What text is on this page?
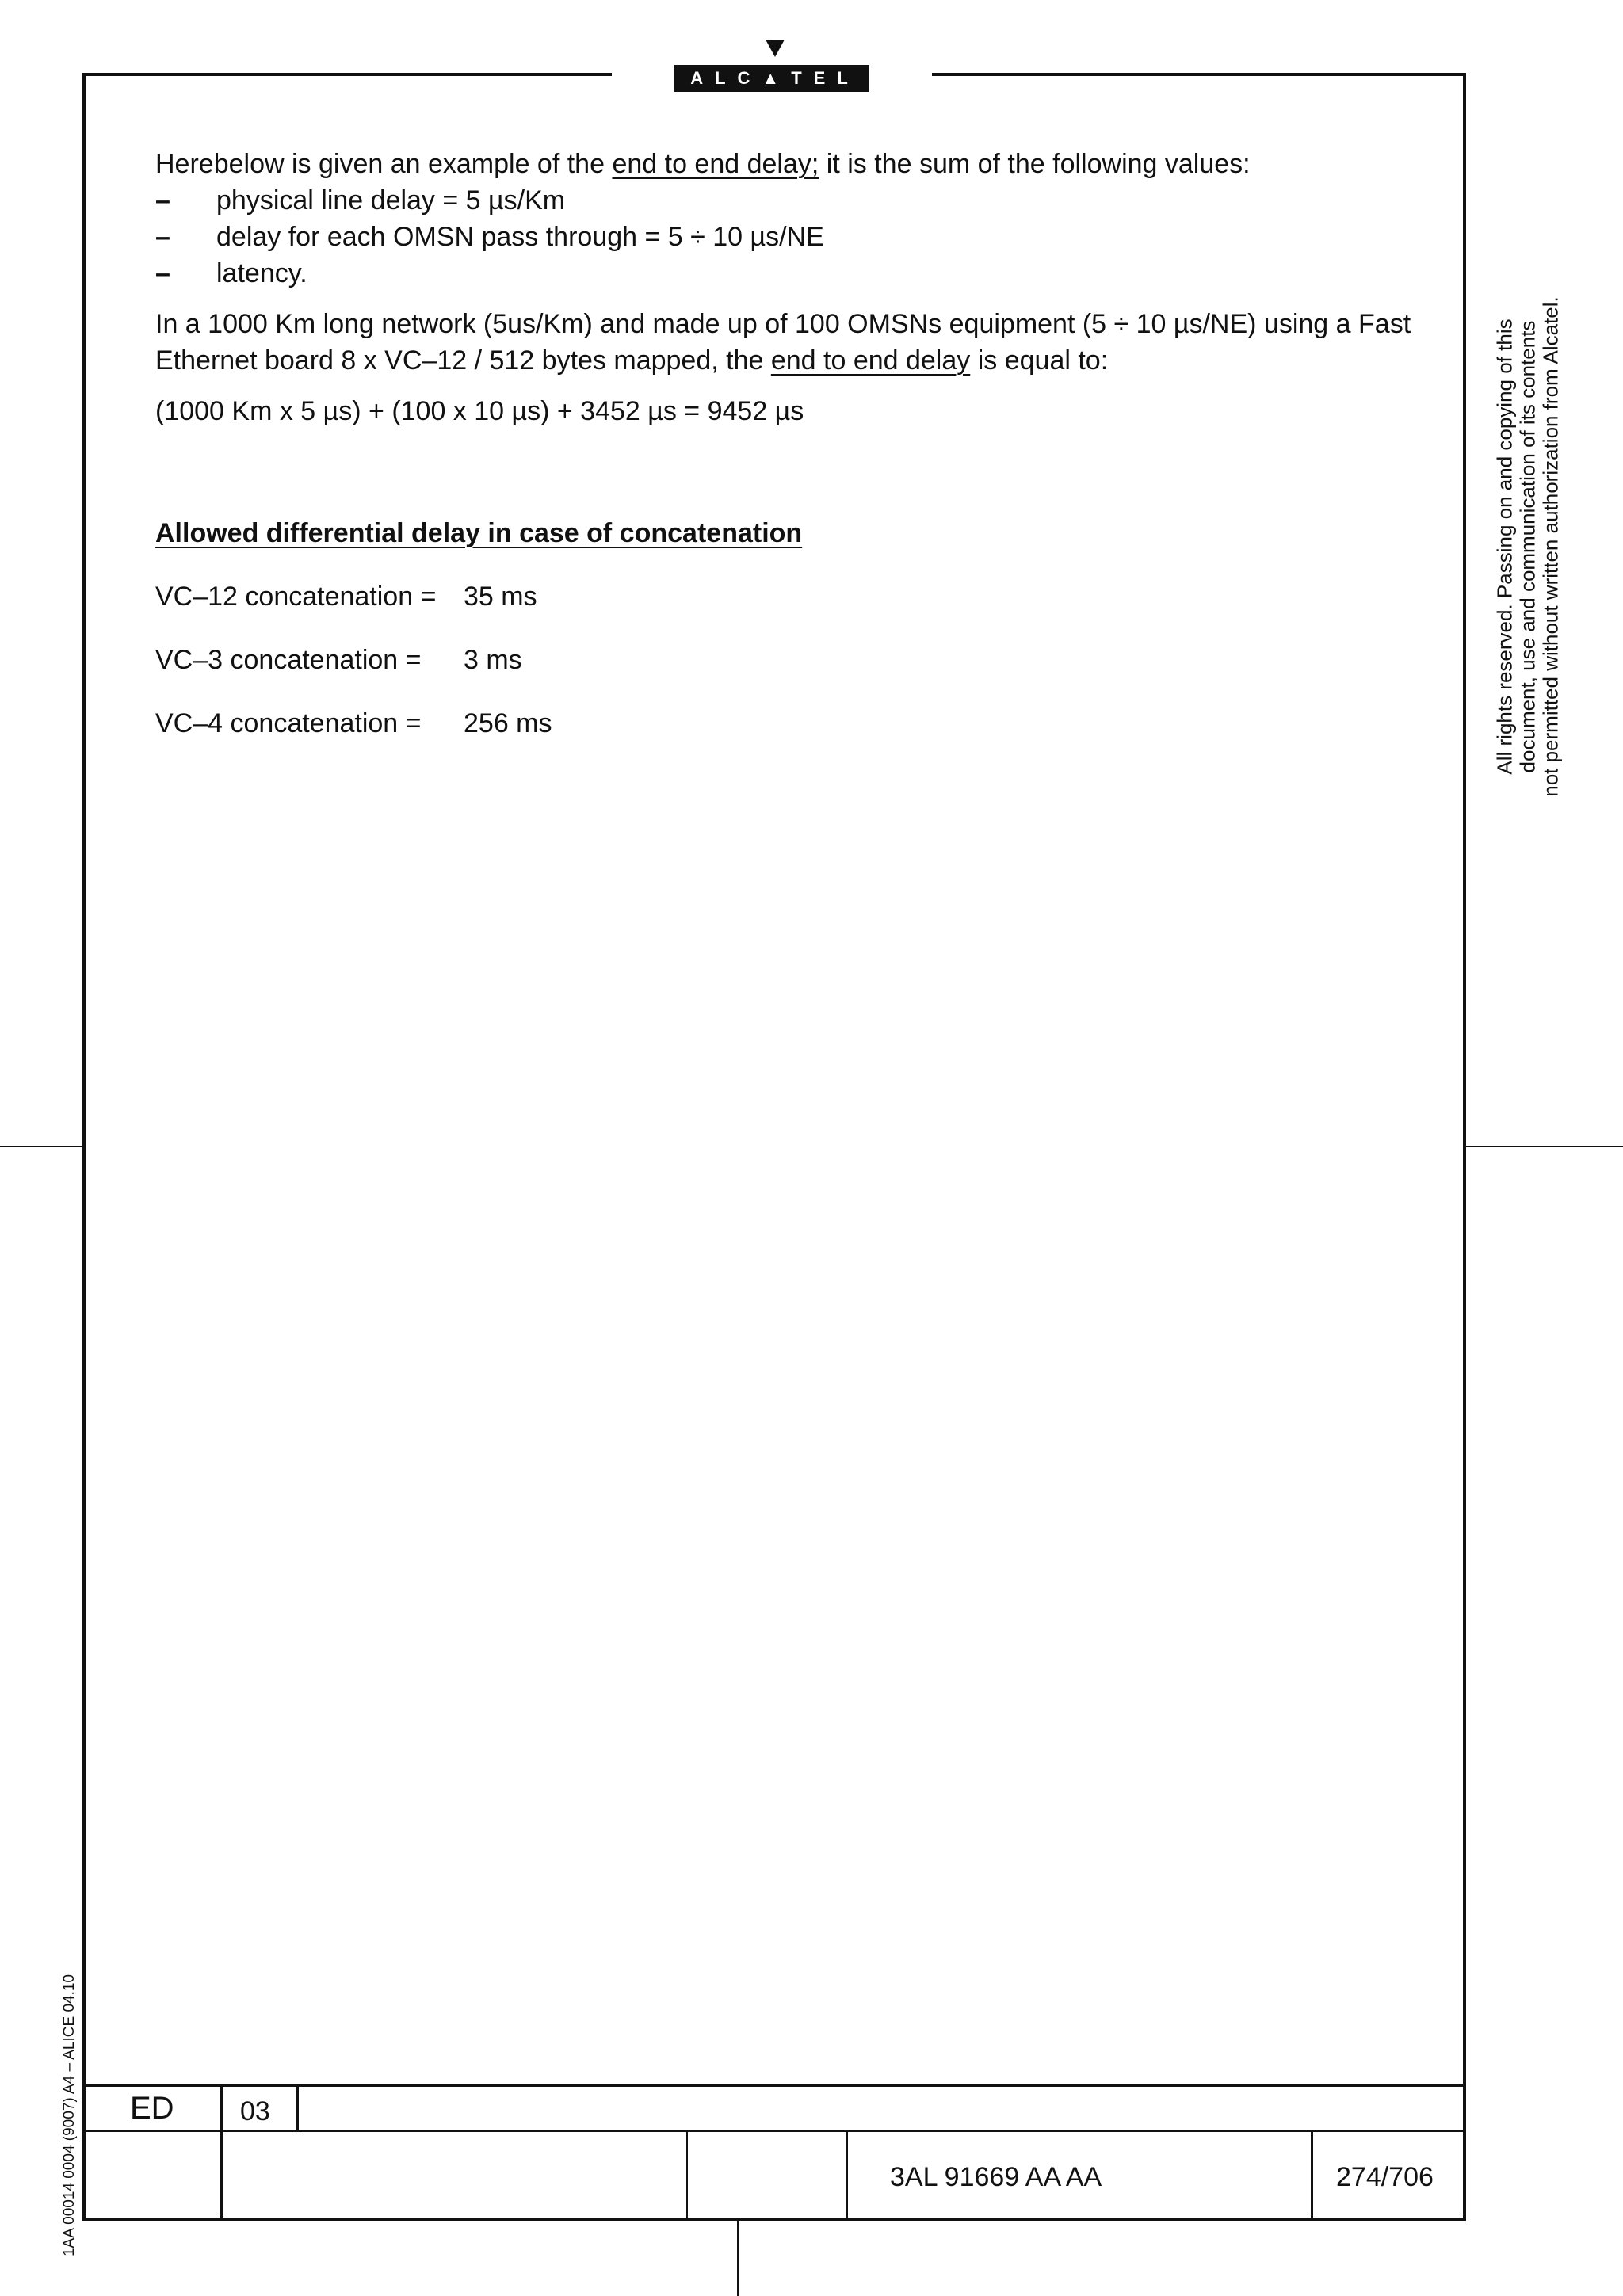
ALC▲TEL

Herebelow is given an example of the end to end delay; it is the sum of the following values:

– physical line delay = 5 µs/Km

– delay for each OMSN pass through = 5 ÷ 10 µs/NE

– latency.

In a 1000 Km long network (5us/Km) and made up of 100 OMSNs equipment (5 ÷ 10 µs/NE) using a Fast Ethernet board 8 x VC–12 / 512 bytes mapped, the end to end delay is equal to:

(1000 Km x 5 µs) + (100 x 10 µs) + 3452 µs = 9452 µs

Allowed differential delay in case of concatenation

VC–12 concatenation =	35 ms

VC–3 concatenation =	3 ms

VC–4 concatenation =	256 ms	All rights reserved. Passing on and copying of this document, use and communication of its contents not permitted without written authorization from Alcatel.
1AA 00014 0004 (9007) A4 – ALICE 04.10 ED 03
3AL 91669 AA AA	274/706
